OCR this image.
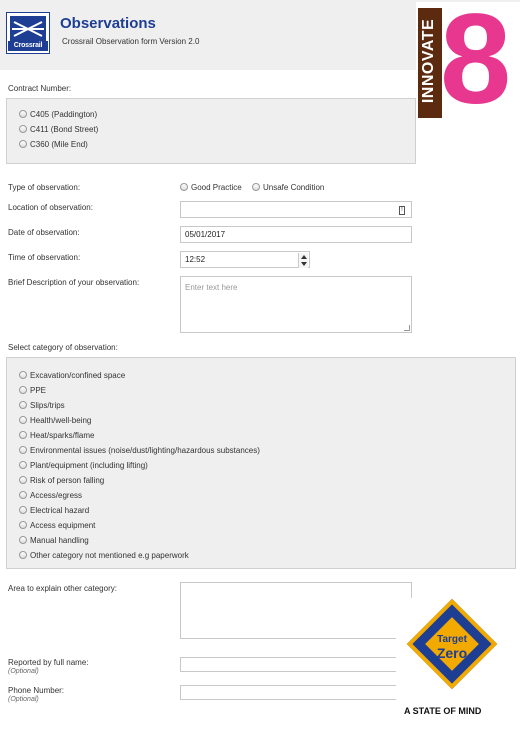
Crossrail
Observations
Crossrail Observation form Version 2.0	INNOVATE 8
Contract Number:
C405 (Paddington)
C411 (Bond Street)
C360 (Mile End)
Type of observation:	Good Practice	Unsafe Condition
Location of observation:	!
Date of observation:	05/01/2017
Time of observation:	12:52
Brief Description of your observation:
Enter text here
Select category of observation:
Excavation/confined space
PPE
Slips/trips
Health/well-being
Heat/sparks/flame
Environmental issues (noise/dust/lighting/hazardous substances)
Plant/equipment (including lifting)
Risk of person falling
Access/egress
Electrical hazard
Access equipment
Manual handling
Other category not mentioned e.g paperwork
Area to explain other category:
Reported by full name:
(Optional)
Phone Number:
(Optional)
Target
Zero
A STATE OF MIND
